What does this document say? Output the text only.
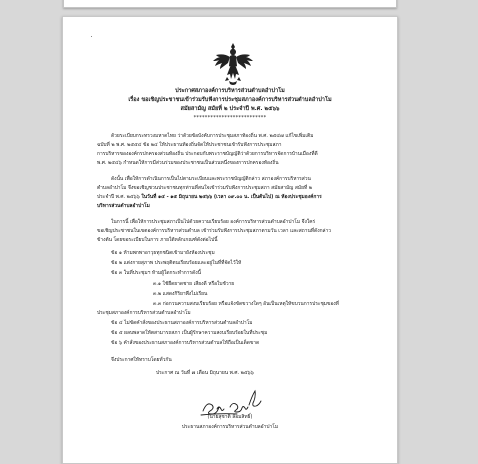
ประกาศสภาองค์การบริหารส่วนตำบลอำปาโม
เรื่อง ขอเชิญประชาชนเข้าร่วมรับฟังการประชุมสภาองค์การบริหารส่วนตำบลอำปาโม
สมัยสามัญ สมัยที่ ๒ ประจำปี พ.ศ. ๒๕๖๖
**************************
ด้วยระเบียบกระทรวงมหาดไทย ว่าด้วยข้อบังคับการประชุมสภาท้องถิ่น พ.ศ. ๒๕๔๗ แก้ไขเพิ่มเติม
ฉบับที่ ๒ พ.ศ. ๒๕๕๔ ข้อ ๒๔ ให้ประธานท้องถิ่นจัดให้ประชาชนเข้ารับฟังการประชุมสภา
การบริหารขององค์กรปกครองส่วนท้องถิ่น ประกอบกับพระราชบัญญัติว่าด้วยการบริหารจัดการบ้านเมืองที่ดี
พ.ศ. ๒๕๔๖ กำหนดให้การมีส่วนร่วมของประชาชนเป็นส่วนหนึ่งของการปกครองท้องถิ่น
ดังนั้น เพื่อให้การดำเนินการเป็นไปตามระเบียบและพระราชบัญญัติกล่าว สภาองค์การบริหารส่วน
ตำบลอำปาโม จึงขอเชิญชวนประชาชนทุกท่านที่สนใจเข้าร่วมรับฟังการประชุมสภา สมัยสามัญ สมัยที่ ๒
ประจำปี พ.ศ. ๒๕๖๖ ในวันที่ ๑๔ - ๑๕ มิถุนายน ๒๕๖๖ (เวลา ๐๙.๐๐ น. เป็นต้นไป) ณ ห้องประชุมองค์การ
บริหารส่วนตำบลอำปาโม
ในการนี้ เพื่อให้การประชุมสภาเป็นไปด้วยความเรียบร้อย องค์การบริหารส่วนตำบลอำปาโม จึงใคร่
ขอเชิญประชาชนในเขตองค์การบริหารส่วนตำบล เข้าร่วมรับฟังการประชุมสภาตามวัน เวลา และสถานที่ดังกล่าว
ข้างต้น โดยขอระเบียบในการ ภายใต้หลักเกณฑ์ดังต่อไปนี้
ข้อ ๑ ห้ามพกพาอาวุธทุกชนิดเข้ามายังห้องประชุม
ข้อ ๒ แต่งกายสุภาพ ประพฤติตนเรียบร้อยและอยู่ในที่ที่จัดไว้ให้
ข้อ ๓ ในที่ประชุมฯ ห้ามผู้ใดกระทำการดังนี้
๓.๑ ใช้ยืดยาดชาย เสียงดี หรือใบชัวาย
๓.๒ แสดงกิริยาพึงไม่เรียน
๓.๓ ก่อกวนความสงบเรียบร้อย หรือแจ้งขัดขวางใดๆ อันเป็นเหตุให้ขบวนการประชุมของที่
ประชุมสภาองค์การบริหารส่วนตำบลอำปาโม
ข้อ ๔ ไม่ขัดคำสั่งของประธานสภาองค์การบริหารส่วนตำบลอำปาโม
ข้อ ๕ ผลบพลาดให้ตสามารถสภา เป็นผู้รักษาความสงบเรียบร้อยในที่ประชุม
ข้อ ๖ คำสั่งของประธานสภาองค์การบริหารส่วนตำบลให้ถือเป็นเด็ดขาด
จึงประกาศให้ทราบโดยทั่วกัน
ประกาศ ณ วันที่ ๗ เดือน มิถุนายน พ.ศ. ๒๕๖๖
(นายสุชาติ ล้อมสิทธิ์)
ประธานสภาองค์การบริหารส่วนตำบลอำปาโม
